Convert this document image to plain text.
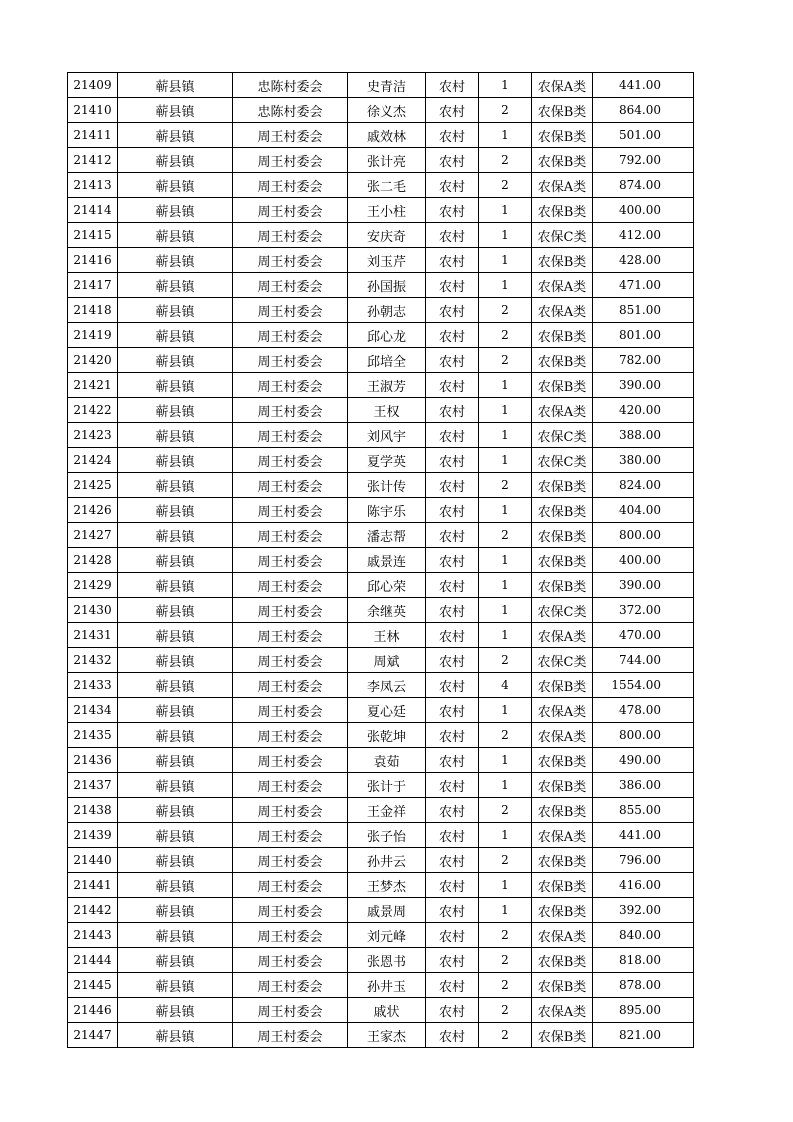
21409	蕲县镇	忠陈村委会	史青洁	农村	1	农保A类	441.00
21410	蕲县镇	忠陈村委会	徐义杰	农村	2	农保B类	864.00
21411	蕲县镇	周王村委会	戚效林	农村	1	农保B类	501.00
21412	蕲县镇	周王村委会	张计亮	农村	2	农保B类	792.00
21413	蕲县镇	周王村委会	张二毛	农村	2	农保A类	874.00
21414	蕲县镇	周王村委会	王小柱	农村	1	农保B类	400.00
21415	蕲县镇	周王村委会	安庆奇	农村	1	农保C类	412.00
21416	蕲县镇	周王村委会	刘玉芹	农村	1	农保B类	428.00
21417	蕲县镇	周王村委会	孙国振	农村	1	农保A类	471.00
21418	蕲县镇	周王村委会	孙朝志	农村	2	农保A类	851.00
21419	蕲县镇	周王村委会	邱心龙	农村	2	农保B类	801.00
21420	蕲县镇	周王村委会	邱培全	农村	2	农保B类	782.00
21421	蕲县镇	周王村委会	王淑芳	农村	1	农保B类	390.00
21422	蕲县镇	周王村委会	王权	农村	1	农保A类	420.00
21423	蕲县镇	周王村委会	刘风宇	农村	1	农保C类	388.00
21424	蕲县镇	周王村委会	夏学英	农村	1	农保C类	380.00
21425	蕲县镇	周王村委会	张计传	农村	2	农保B类	824.00
21426	蕲县镇	周王村委会	陈宇乐	农村	1	农保B类	404.00
21427	蕲县镇	周王村委会	潘志帮	农村	2	农保B类	800.00
21428	蕲县镇	周王村委会	戚景连	农村	1	农保B类	400.00
21429	蕲县镇	周王村委会	邱心荣	农村	1	农保B类	390.00
21430	蕲县镇	周王村委会	余继英	农村	1	农保C类	372.00
21431	蕲县镇	周王村委会	王林	农村	1	农保A类	470.00
21432	蕲县镇	周王村委会	周斌	农村	2	农保C类	744.00
21433	蕲县镇	周王村委会	李凤云	农村	4	农保B类	1554.00
21434	蕲县镇	周王村委会	夏心廷	农村	1	农保A类	478.00
21435	蕲县镇	周王村委会	张乾坤	农村	2	农保A类	800.00
21436	蕲县镇	周王村委会	袁茹	农村	1	农保B类	490.00
21437	蕲县镇	周王村委会	张计于	农村	1	农保B类	386.00
21438	蕲县镇	周王村委会	王金祥	农村	2	农保B类	855.00
21439	蕲县镇	周王村委会	张子怡	农村	1	农保A类	441.00
21440	蕲县镇	周王村委会	孙井云	农村	2	农保B类	796.00
21441	蕲县镇	周王村委会	王梦杰	农村	1	农保B类	416.00
21442	蕲县镇	周王村委会	戚景周	农村	1	农保B类	392.00
21443	蕲县镇	周王村委会	刘元峰	农村	2	农保A类	840.00
21444	蕲县镇	周王村委会	张恩书	农村	2	农保B类	818.00
21445	蕲县镇	周王村委会	孙井玉	农村	2	农保B类	878.00
21446	蕲县镇	周王村委会	戚状	农村	2	农保A类	895.00
21447	蕲县镇	周王村委会	王家杰	农村	2	农保B类	821.00
